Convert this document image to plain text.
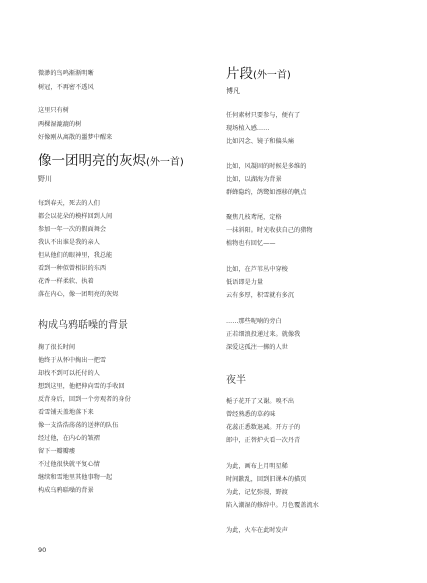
微渺的鸟鸣渐渐明晰
树冠，不再密不透风
这里只有树
两棵湿漉漉的树
好像刚从离散的噩梦中醒来
像一团明亮的灰烬(外一首)
野川
每到春天，死去的人们
都会以花朵的模样回到人间
参加一年一次的假面舞会
我认不出谁是我的亲人
但从他们的眼神里，我总能
看到一种似曾相识的东西
花香一样柔软、执着
落在内心，像一团明亮的灰烬
构成乌鸦聒噪的背景
掬了很长时间
他终于从怀中掏出一把雪
却找不到可以托付的人
想到这里，他把伸向雪的手收回
反背身后，回到一个旁观者的身份
看雪铺天盖地落下来
像一支浩浩荡荡的送葬的队伍
经过他，在内心的皱褶
留下一瓣瓣痿
不过他很快就平复心情
继续和雪地里其他事物一起
构成乌鸦聒噪的背景
片段(外一首)
博凡
任何素材只要参与，便有了
现场植入感……
比如闪念、镜子和偏头痛
比如，风凝固的时候是多维的
比如，以湖海为背景
群蜂隐约，鸽鹭如漂移的帆点
聚焦几枝鸢尾，定格
一抹斜阳。时光收获自己的猎物
植物也有回忆——
比如，在芦苇丛中穿梭
低语即是力量
云有多厚，积雪就有多沉
……那些呢喃的旁白
正若细浪投递过来。就像我
深爱这孤注一掷的人世
夜半
梔子花开了又谢。嗅不出
曾经熟悉的草药味
花蕊正悉数退减。开方子的
郎中，正替炉火看一次丹青
为此，画布上月明星稀
时间歉乱，回到旧课本的描页
为此，记忆弥漫，野渡
陷入潮湿的修辞中。月色覆盖流水
为此，火车在此时发声
90
